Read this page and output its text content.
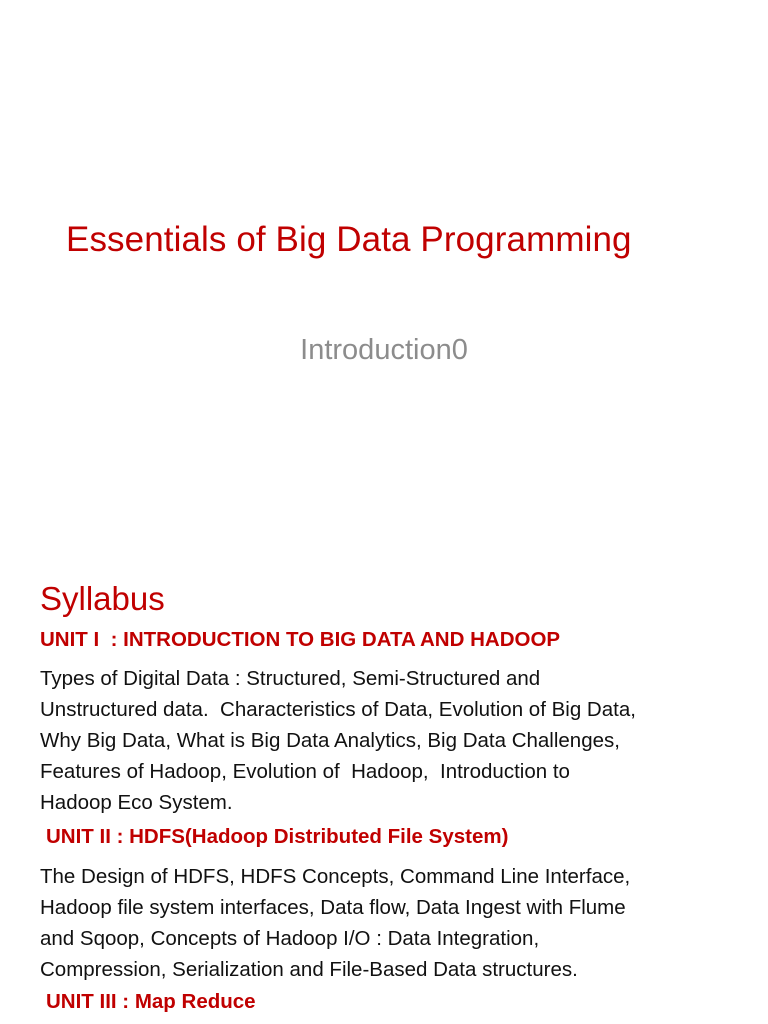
Essentials of Big Data Programming
Introduction0
Syllabus
UNIT I  : INTRODUCTION TO BIG DATA AND HADOOP
Types of Digital Data : Structured, Semi-Structured and
Unstructured data.  Characteristics of Data, Evolution of Big Data,
Why Big Data, What is Big Data Analytics, Big Data Challenges,
Features of Hadoop, Evolution of  Hadoop,  Introduction to
Hadoop Eco System.
UNIT II : HDFS(Hadoop Distributed File System)
The Design of HDFS, HDFS Concepts, Command Line Interface,
Hadoop file system interfaces, Data flow, Data Ingest with Flume
and Sqoop, Concepts of Hadoop I/O : Data Integration,
Compression, Serialization and File-Based Data structures.
UNIT III : Map Reduce
